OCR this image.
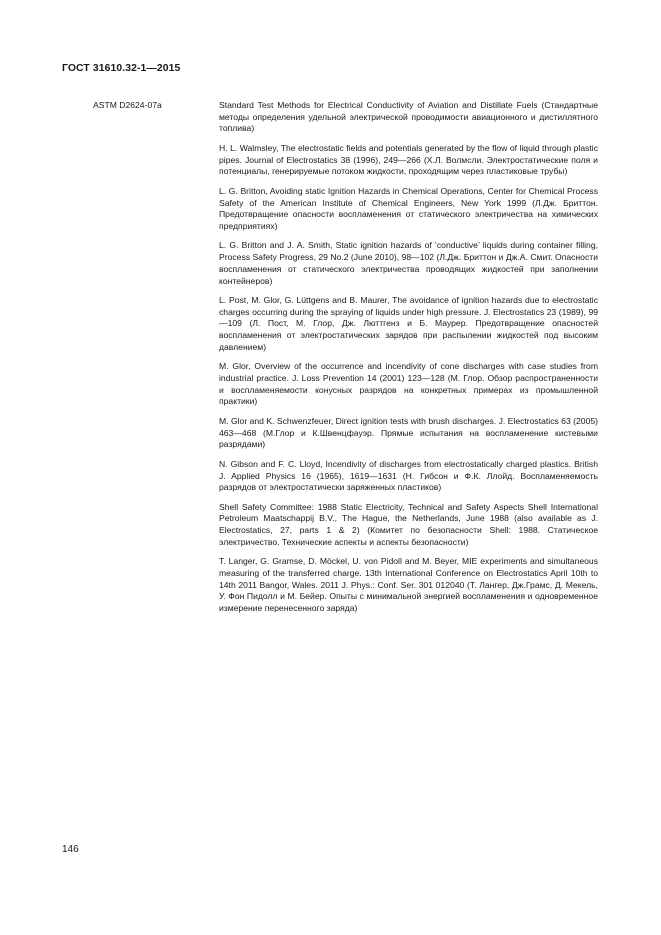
ГОСТ 31610.32-1—2015
ASTM D2624-07a	Standard Test Methods for Electrical Conductivity of Aviation and Distillate Fuels (Стандартные методы определения удельной электрической проводимости авиационного и дистиллятного топлива)

H. L. Walmsley, The electrostatic fields and potentials generated by the flow of liquid through plastic pipes. Journal of Electrostatics 38 (1996), 249—266 (Х.Л. Волмсли. Электростатические поля и потенциалы, генерируемые потоком жидкости, проходящим через пластиковые трубы)

L. G. Britton, Avoiding static Ignition Hazards in Chemical Operations, Center for Chemical Process Safety of the American Institute of Chemical Engineers, New York 1999 (Л.Дж. Бриттон. Предотвращение опасности воспламенения от статического электричества на химических предприятиях)

L. G. Britton and J. A. Smith, Static ignition hazards of ‘conductive’ liquids during container filling, Process Safety Progress, 29 No.2 (June 2010), 98—102 (Л.Дж. Бриттон и Дж.А. Смит. Опасности воспламенения от статического электричества проводящих жидкостей при заполнении контейнеров)

L. Post, M. Glor, G. Lüttgens and B. Maurer, The avoidance of ignition hazards due to electrostatic charges occurring during the spraying of liquids under high pressure. J. Electrostatics 23 (1989), 99—109 (Л. Пост, М. Глор, Дж. Люттгенз и Б. Маурер. Предотвращение опасностей воспламенения от электростатических зарядов при распылении жидкостей под высоким давлением)

M. Glor, Overview of the occurrence and incendivity of cone discharges with case studies from industrial practice. J. Loss Prevention 14 (2001) 123—128 (М. Глор. Обзор распространенности и воспламеняемости конусных разрядов на конкретных примерах из промышленной практики)

M. Glor and K. Schwenzfeuer, Direct ignition tests with brush discharges. J. Electrostatics 63 (2005) 463—468 (М.Глор и К.Швенцфауэр. Прямые испытания на воспламенение кистевыми разрядами)

N. Gibson and F. C. Lloyd, Incendivity of discharges from electrostatically charged plastics. British J. Applied Physics 16 (1965), 1619—1631 (Н. Гибсон и Ф.К. Ллойд. Воспламеняемость разрядов от электростатически заряженных пластиков)

Shell Safety Committee: 1988 Static Electricity, Technical and Safety Aspects Shell International Petroleum Maatschappij B.V., The Hague, the Netherlands, June 1988 (also available as J. Electrostatics, 27, parts 1 & 2) (Комитет по безопасности Shell: 1988. Статическое электричество. Технические аспекты и аспекты безопасности)

T. Langer, G. Gramse, D. Möckel, U. von Pidoll and M. Beyer, MIE experiments and simultaneous measuring of the transferred charge. 13th International Conference on Electrostatics April 10th to 14th 2011 Bangor, Wales. 2011 J. Phys.: Conf. Ser. 301 012040 (Т. Лангер, Дж.Грамс, Д. Мекель, У. Фон Пидолл и М. Бейер. Опыты с минимальной энергией воспламенения и одновременное измерение перенесенного заряда)

146
